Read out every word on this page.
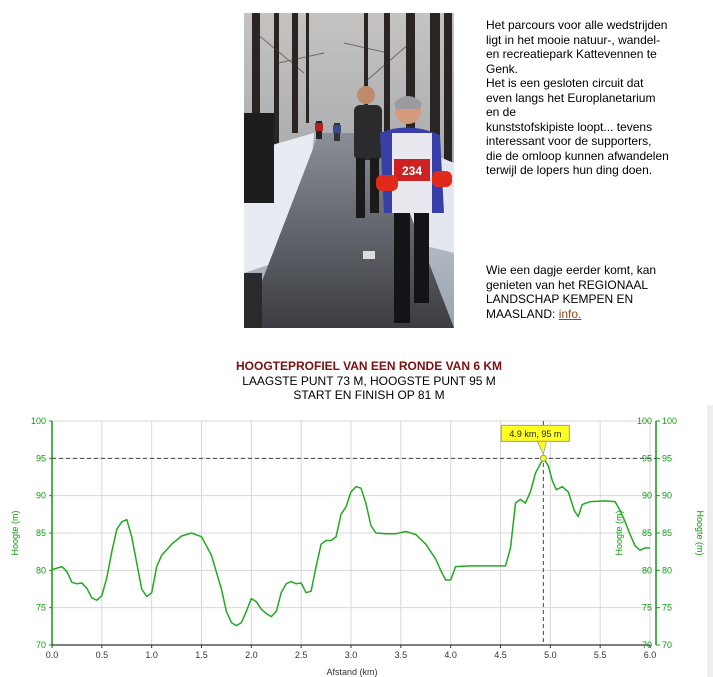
234
Het parcours voor alle wedstrijden
ligt in het mooie natuur-, wandel-
en recreatiepark Kattevennen te
Genk.
Het is een gesloten circuit dat
even langs het Europlanetarium
en de
kunststofskipiste loopt... tevens
interessant voor de supporters,
die de omloop kunnen afwandelen
terwijl de lopers hun ding doen.
Wie een dagje eerder komt, kan
genieten van het REGIONAAL
LANDSCHAP KEMPEN EN
MAASLAND: info.
HOOGTEPROFIEL VAN EEN RONDE VAN 6 KM
LAAGSTE PUNT 73 M, HOOGSTE PUNT 95 M
START EN FINISH OP 81 M
0.0	0.5	1.0	1.5	2.0	2.5	3.0	3.5	4.0	4.5	5.0	5.5	6.0
70	70 70
75	75 75
80	80 80
85	85 85
90	90 90
95	95 95
100	100 100
4.9 km, 95 m
Afstand (km)
Hoogte (m)	Hoogte (m)	Hoogte (m)
